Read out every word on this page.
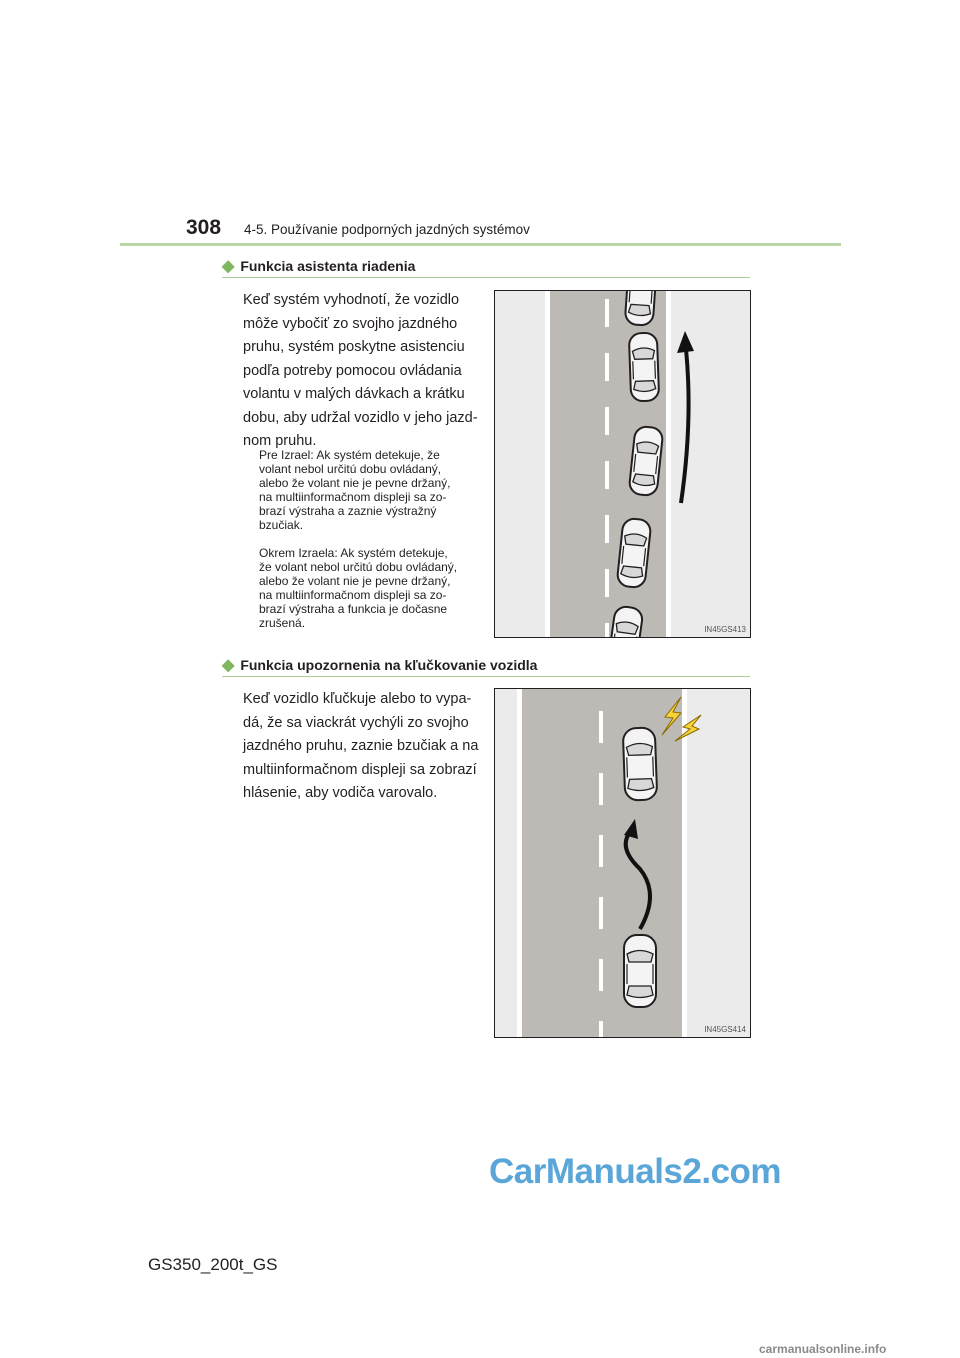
308 4-5. Používanie podporných jazdných systémov
◆ Funkcia asistenta riadenia
Keď systém vyhodnotí, že vozidlo
môže vybočiť zo svojho jazdného
pruhu, systém poskytne asistenciu
podľa potreby pomocou ovládania
volantu v malých dávkach a krátku
dobu, aby udržal vozidlo v jeho jazd-
nom pruhu.
Pre Izrael: Ak systém detekuje, že
volant nebol určitú dobu ovládaný,
alebo že volant nie je pevne držaný,
na multiinformačnom displeji sa zo-
brazí výstraha a zaznie výstražný
bzučiak.
Okrem Izraela: Ak systém detekuje,
že volant nebol určitú dobu ovládaný,
alebo že volant nie je pevne držaný,
na multiinformačnom displeji sa zo-
brazí výstraha a funkcia je dočasne
zrušená.	IN45GS413
◆ Funkcia upozornenia na kľučkovanie vozidla
Keď vozidlo kľučkuje alebo to vypa-
dá, že sa viackrát vychýli zo svojho
jazdného pruhu, zaznie bzučiak a na
multiinformačnom displeji sa zobrazí
hlásenie, aby vodiča varovalo.
IN45GS414
CarManuals2.com
GS350_200t_GS
carmanualsonline.info
